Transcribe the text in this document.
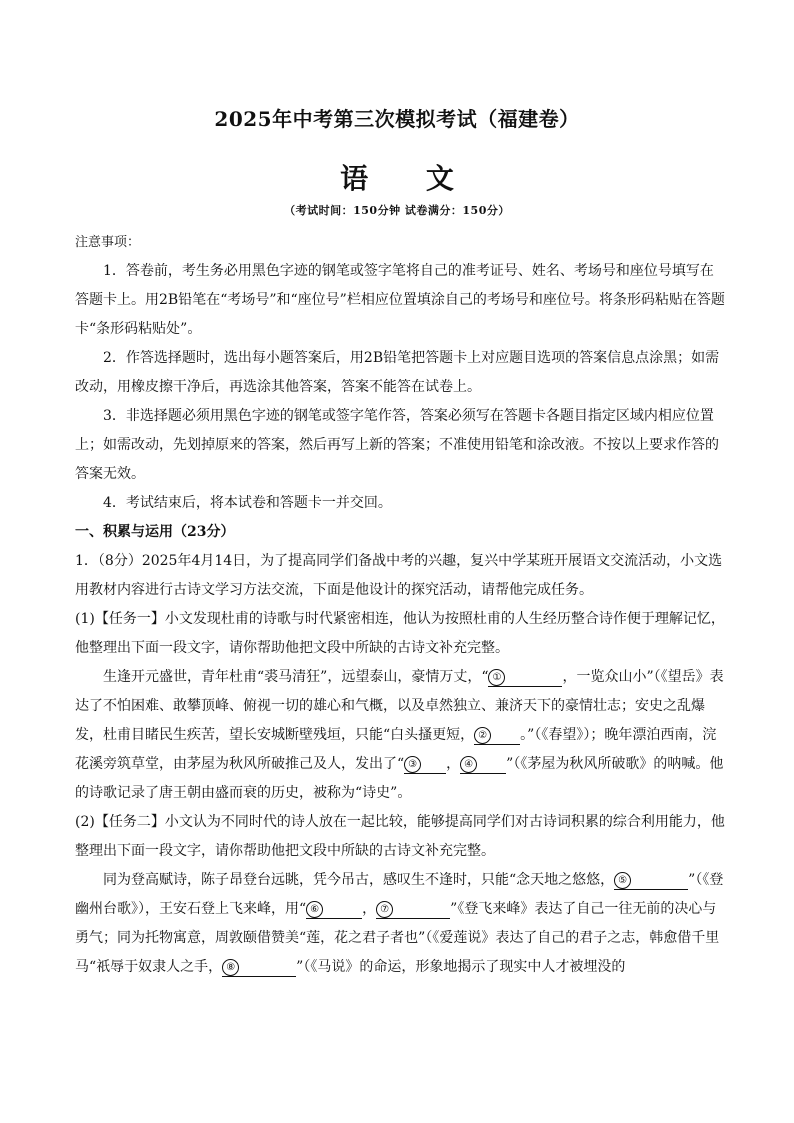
2025年中考第三次模拟考试（福建卷）
语 文
（考试时间：150分钟 试卷满分：150分）

注意事项：

1．答卷前，考生务必用黑色字迹的钢笔或签字笔将自己的准考证号、姓名、考场号和座位号填写在答题卡上。用2B铅笔在“考场号”和“座位号”栏相应位置填涂自己的考场号和座位号。将条形码粘贴在答题卡“条形码粘贴处”。

2．作答选择题时，选出每小题答案后，用2B铅笔把答题卡上对应题目选项的答案信息点涂黑；如需改动，用橡皮擦干净后，再选涂其他答案，答案不能答在试卷上。

3．非选择题必须用黑色字迹的钢笔或签字笔作答，答案必须写在答题卡各题目指定区域内相应位置上；如需改动，先划掉原来的答案，然后再写上新的答案；不准使用铅笔和涂改液。不按以上要求作答的答案无效。

4．考试结束后，将本试卷和答题卡一并交回。

一、积累与运用（23分）

1．（8分）2025年4月14日，为了提高同学们备战中考的兴趣，复兴中学某班开展语文交流活动，小文选用教材内容进行古诗文学习方法交流，下面是他设计的探究活动，请帮他完成任务。

(1)【任务一】小文发现杜甫的诗歌与时代紧密相连，他认为按照杜甫的人生经历整合诗作便于理解记忆，他整理出下面一段文字，请你帮助他把文段中所缺的古诗文补充完整。

生逢开元盛世，青年杜甫“裘马清狂”，远望泰山，豪情万丈，“ ①	，一览众山小”（《望岳》表达了不怕困难、敢攀顶峰、俯视一切的雄心和气概，以及卓然独立、兼济天下的豪情壮志；安史之乱爆发，杜甫目睹民生疾苦，望长安城断壁残垣，只能“白头搔更短， ② 。”（《春望》）；晚年漂泊西南，浣花溪旁筑草堂，由茅屋为秋风所破推己及人，发出了“ ③ ， ④ ”（《茅屋为秋风所破歌》的呐喊。他的诗歌记录了唐王朝由盛而衰的历史，被称为“诗史”。

(2)【任务二】小文认为不同时代的诗人放在一起比较，能够提高同学们对古诗词积累的综合利用能力，他整理出下面一段文字，请你帮助他把文段中所缺的古诗文补充完整。

同为登高赋诗，陈子昂登台远眺，凭今吊古，感叹生不逢时，只能“念天地之悠悠， ⑤	”（《登幽州台歌》），王安石登上飞来峰，用“ ⑥	， ⑦	”《登飞来峰》表达了自己一往无前的决心与勇气；同为托物寓意，周敦颐借赞美“莲，花之君子者也”（《爱莲说》表达了自己的君子之志，韩愈借千里马“祇辱于奴隶人之手， ⑧	”（《马说》的命运，形象地揭示了现实中人才被埋没的
